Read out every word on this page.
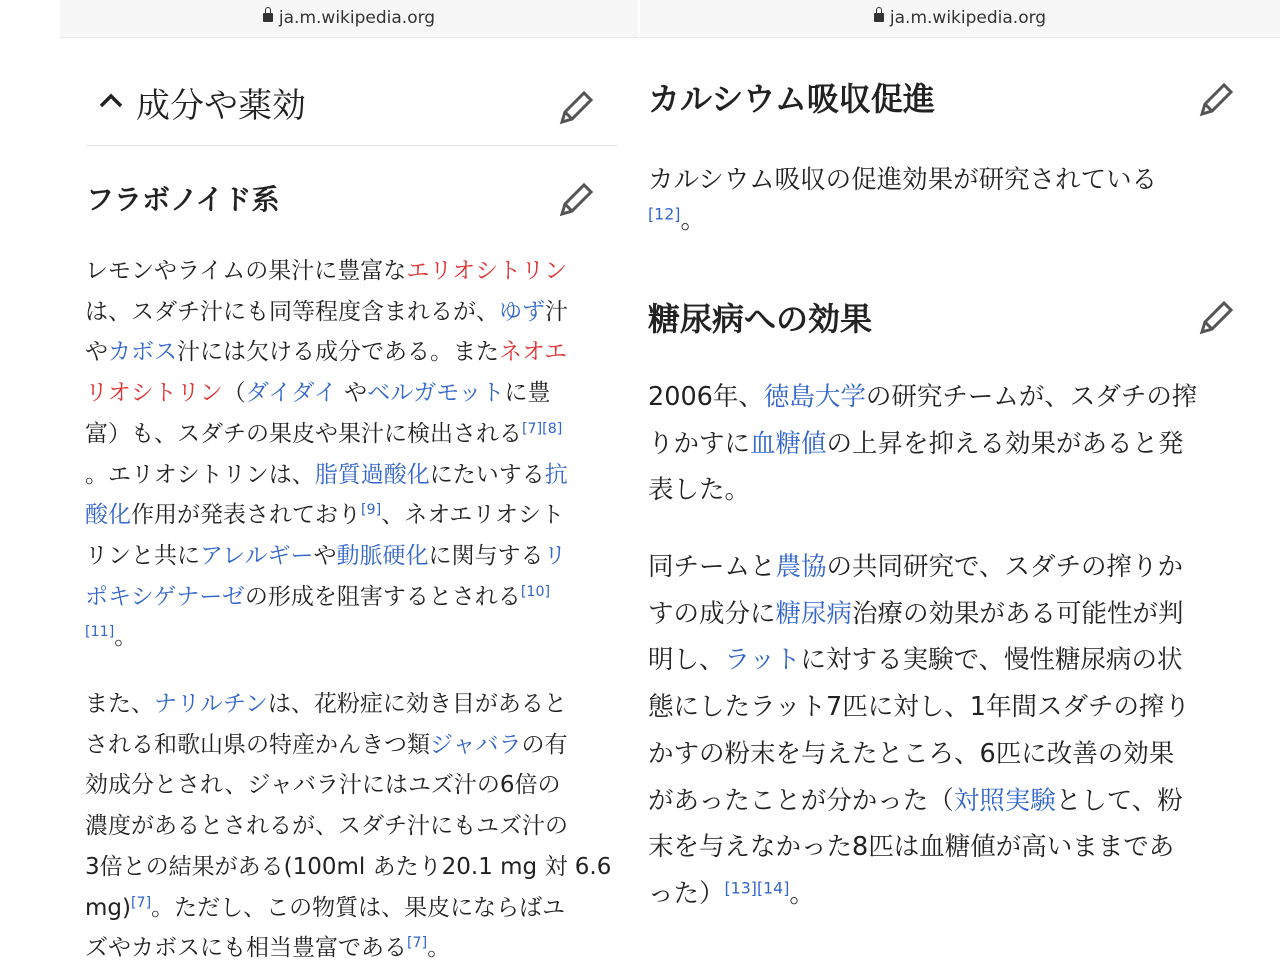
ja.m.wikipedia.org
成分や薬効
フラボノイド系
レモンやライムの果汁に豊富なエリオシトリン
は、スダチ汁にも同等程度含まれるが、ゆず汁
やカボス汁には欠ける成分である。またネオエ
リオシトリン（ダイダイ やベルガモットに豊
富）も、スダチの果皮や果汁に検出される[7][8]
。エリオシトリンは、脂質過酸化にたいする抗
酸化作用が発表されており[9]、ネオエリオシト
リンと共にアレルギーや動脈硬化に関与するリ
ポキシゲナーゼの形成を阻害するとされる[10]
[11]。
また、ナリルチンは、花粉症に効き目があると
される和歌山県の特産かんきつ類ジャバラの有
効成分とされ、ジャバラ汁にはユズ汁の6倍の
濃度があるとされるが、スダチ汁にもユズ汁の
3倍との結果がある(100ml あたり20.1 mg 対 6.6
mg)[7]。ただし、この物質は、果皮にならばユ
ズやカボスにも相当豊富である[7]。
ja.m.wikipedia.org
カルシウム吸収促進
カルシウム吸収の促進効果が研究されている
[12]。
糖尿病への効果
2006年、徳島大学の研究チームが、スダチの搾
りかすに血糖値の上昇を抑える効果があると発
表した。
同チームと農協の共同研究で、スダチの搾りか
すの成分に糖尿病治療の効果がある可能性が判
明し、ラットに対する実験で、慢性糖尿病の状
態にしたラット7匹に対し、1年間スダチの搾り
かすの粉末を与えたところ、6匹に改善の効果
があったことが分かった（対照実験として、粉
末を与えなかった8匹は血糖値が高いままであ
った）[13][14]。
